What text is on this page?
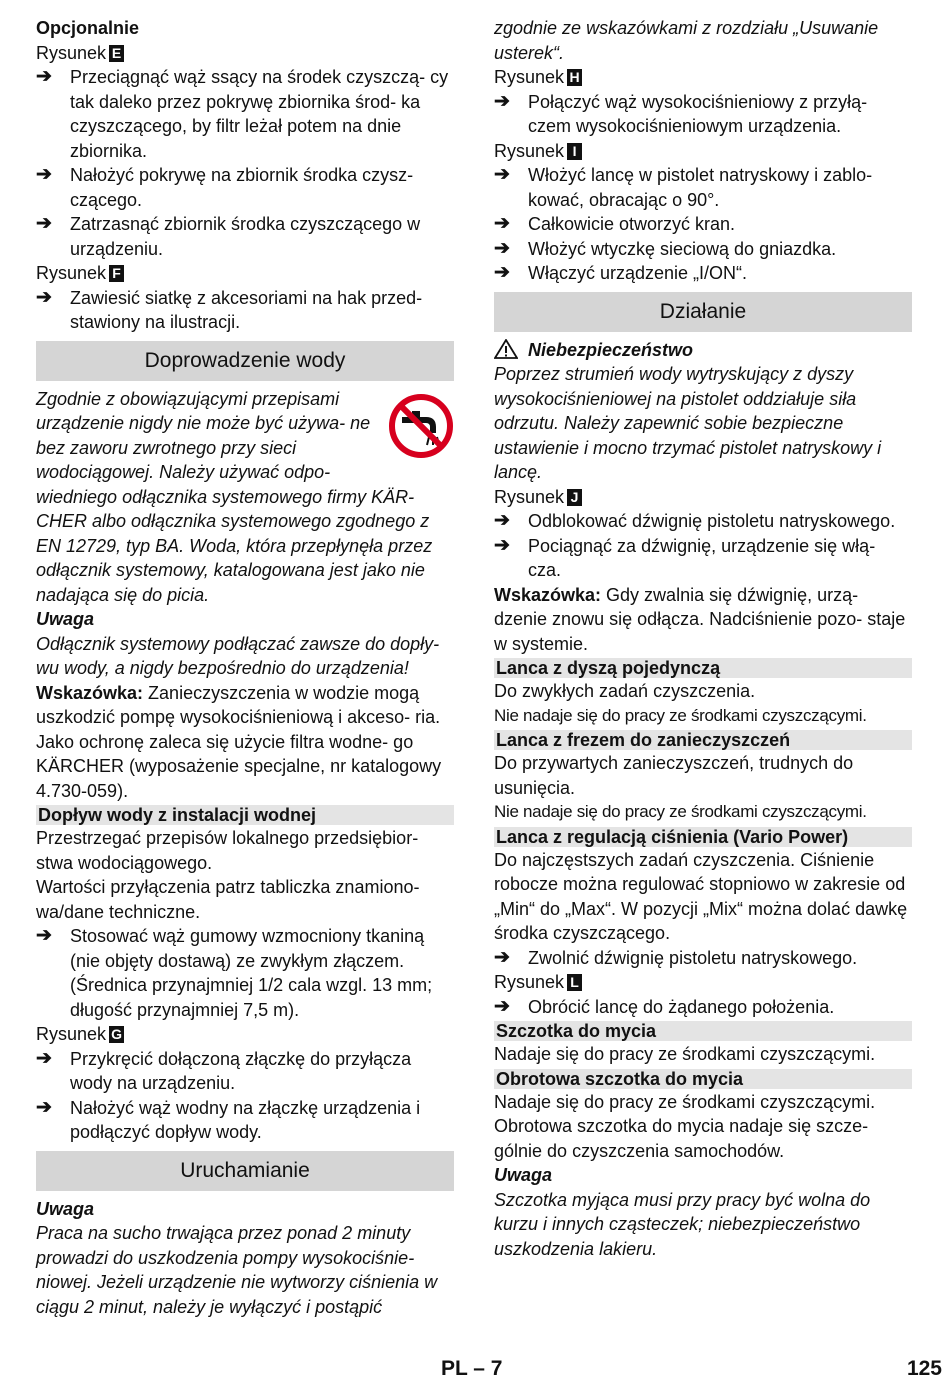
Opcjonalnie

Rysunek E

➔ Przeciągnąć wąż ssący na środek czyszczą- cy tak daleko przez pokrywę zbiornika środ- ka czyszczącego, by filtr leżał potem na dnie zbiornika.

➔ Nałożyć pokrywę na zbiornik środka czysz- czącego.

➔ Zatrzasnąć zbiornik środka czyszczącego w urządzeniu.

Rysunek F

➔ Zawiesić siatkę z akcesoriami na hak przed- stawiony na ilustracji.

Doprowadzenie wody

Zgodnie z obowiązującymi przepisami urządzenie nigdy nie może być używa- ne bez zaworu zwrotnego przy sieci wodociągowej. Należy używać odpo-

wiedniego odłącznika systemowego firmy KÄR- CHER albo odłącznika systemowego zgodnego z EN 12729, typ BA. Woda, która przepłynęła przez odłącznik systemowy, katalogowana jest jako nie nadająca się do picia.

Uwaga

Odłącznik systemowy podłączać zawsze do dopły- wu wody, a nigdy bezpośrednio do urządzenia!

Wskazówka: Zanieczyszczenia w wodzie mogą uszkodzić pompę wysokociśnieniową i akceso- ria. Jako ochronę zaleca się użycie filtra wodne- go KÄRCHER (wyposażenie specjalne, nr katalogowy 4.730-059).

Dopływ wody z instalacji wodnej

Przestrzegać przepisów lokalnego przedsiębior- stwa wodociągowego.

Wartości przyłączenia patrz tabliczka znamiono- wa/dane techniczne.

➔ Stosować wąż gumowy wzmocniony tkaniną (nie objęty dostawą) ze zwykłym złączem. (Średnica przynajmniej 1/2 cala wzgl. 13 mm; długość przynajmniej 7,5 m).

Rysunek G

➔ Przykręcić dołączoną złączkę do przyłącza wody na urządzeniu.

➔ Nałożyć wąż wodny na złączkę urządzenia i podłączyć dopływ wody.

Uruchamianie

Uwaga

Praca na sucho trwająca przez ponad 2 minuty prowadzi do uszkodzenia pompy wysokociśnie- niowej. Jeżeli urządzenie nie wytworzy ciśnienia w ciągu 2 minut, należy je wyłączyć i postąpić

zgodnie ze wskazówkami z rozdziału „Usuwanie usterek“.

Rysunek H

➔ Połączyć wąż wysokociśnieniowy z przyłą- czem wysokociśnieniowym urządzenia.

Rysunek I

➔ Włożyć lancę w pistolet natryskowy i zablo- kować, obracając o 90°.

➔ Całkowicie otworzyć kran.

➔ Włożyć wtyczkę sieciową do gniazdka.

➔ Włączyć urządzenie „I/ON“.

Działanie

Niebezpieczeństwo

Poprzez strumień wody wytryskujący z dyszy wysokociśnieniowej na pistolet oddziałuje siła odrzutu. Należy zapewnić sobie bezpieczne ustawienie i mocno trzymać pistolet natryskowy i lancę.

Rysunek J

➔ Odblokować dźwignię pistoletu natryskowego.

➔ Pociągnąć za dźwignię, urządzenie się włą- cza.

Wskazówka: Gdy zwalnia się dźwignię, urzą- dzenie znowu się odłącza. Nadciśnienie pozo- staje w systemie.

Lanca z dyszą pojedynczą

Do zwykłych zadań czyszczenia.

Nie nadaje się do pracy ze środkami czyszczącymi.

Lanca z frezem do zanieczyszczeń

Do przywartych zanieczyszczeń, trudnych do usunięcia.

Nie nadaje się do pracy ze środkami czyszczącymi.

Lanca z regulacją ciśnienia (Vario Power)

Do najczęstszych zadań czyszczenia. Ciśnienie robocze można regulować stopniowo w zakresie od „Min“ do „Max“. W pozycji „Mix“ można dolać dawkę środka czyszczącego.

➔ Zwolnić dźwignię pistoletu natryskowego.

Rysunek L

➔ Obrócić lancę do żądanego położenia.

Szczotka do mycia

Nadaje się do pracy ze środkami czyszczącymi.

Obrotowa szczotka do mycia

Nadaje się do pracy ze środkami czyszczącymi. Obrotowa szczotka do mycia nadaje się szcze- gólnie do czyszczenia samochodów.

Uwaga

Szczotka myjąca musi przy pracy być wolna do kurzu i innych cząsteczek; niebezpieczeństwo uszkodzenia lakieru.

PL – 7	125
